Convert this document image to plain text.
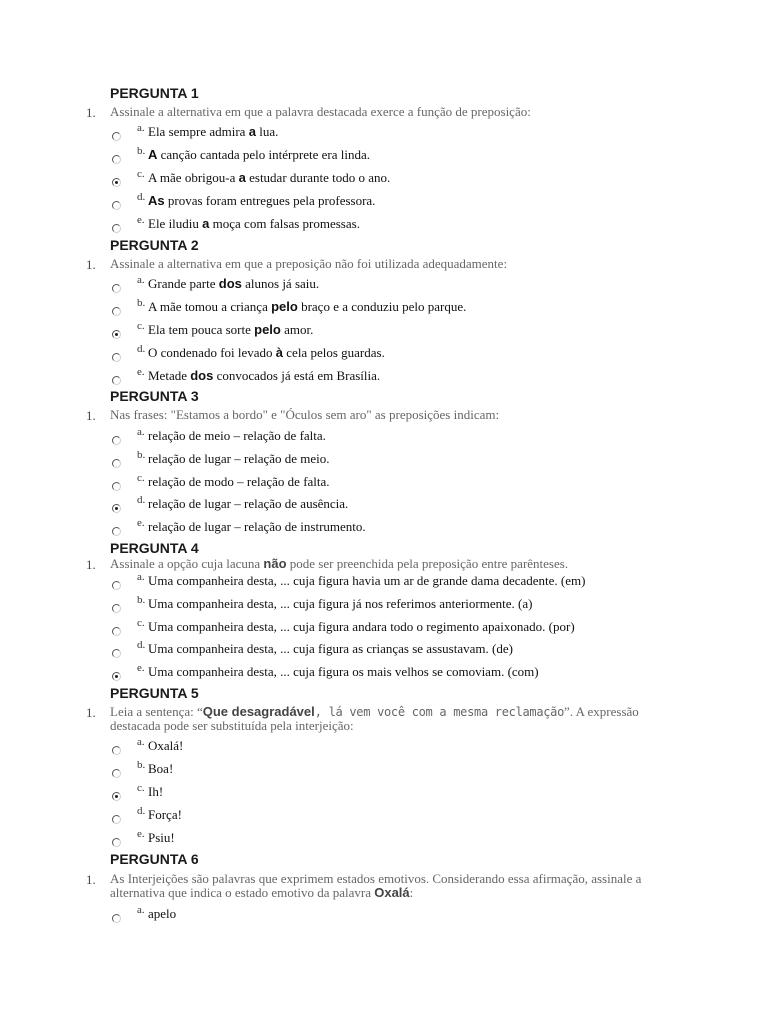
PERGUNTA 1
1. Assinale a alternativa em que a palavra destacada exerce a função de preposição:
a. Ela sempre admira a lua.
b. A canção cantada pelo intérprete era linda.
c. A mãe obrigou-a a estudar durante todo o ano.
d. As provas foram entregues pela professora.
e. Ele iludiu a moça com falsas promessas.
PERGUNTA 2
1. Assinale a alternativa em que a preposição não foi utilizada adequadamente:
a. Grande parte dos alunos já saiu.
b. A mãe tomou a criança pelo braço e a conduziu pelo parque.
c. Ela tem pouca sorte pelo amor.
d. O condenado foi levado à cela pelos guardas.
e. Metade dos convocados já está em Brasília.
PERGUNTA 3
1. Nas frases: "Estamos a bordo" e "Óculos sem aro" as preposições indicam:
a. relação de meio – relação de falta.
b. relação de lugar – relação de meio.
c. relação de modo – relação de falta.
d. relação de lugar – relação de ausência.
e. relação de lugar – relação de instrumento.
PERGUNTA 4
1. Assinale a opção cuja lacuna não pode ser preenchida pela preposição entre parênteses.
a. Uma companheira desta, ... cuja figura havia um ar de grande dama decadente. (em)
b. Uma companheira desta, ... cuja figura já nos referimos anteriormente. (a)
c. Uma companheira desta, ... cuja figura andara todo o regimento apaixonado. (por)
d. Uma companheira desta, ... cuja figura as crianças se assustavam. (de)
e. Uma companheira desta, ... cuja figura os mais velhos se comoviam. (com)
PERGUNTA 5
1. Leia a sentença: “Que desagradável, lá vem você com a mesma reclamação”. A expressão destacada pode ser substituída pela interjeição:
a. Oxalá!
b. Boa!
c. Ih!
d. Força!
e. Psiu!
PERGUNTA 6
1. As Interjeições são palavras que exprimem estados emotivos. Considerando essa afirmação, assinale a alternativa que indica o estado emotivo da palavra Oxalá:
a. apelo
